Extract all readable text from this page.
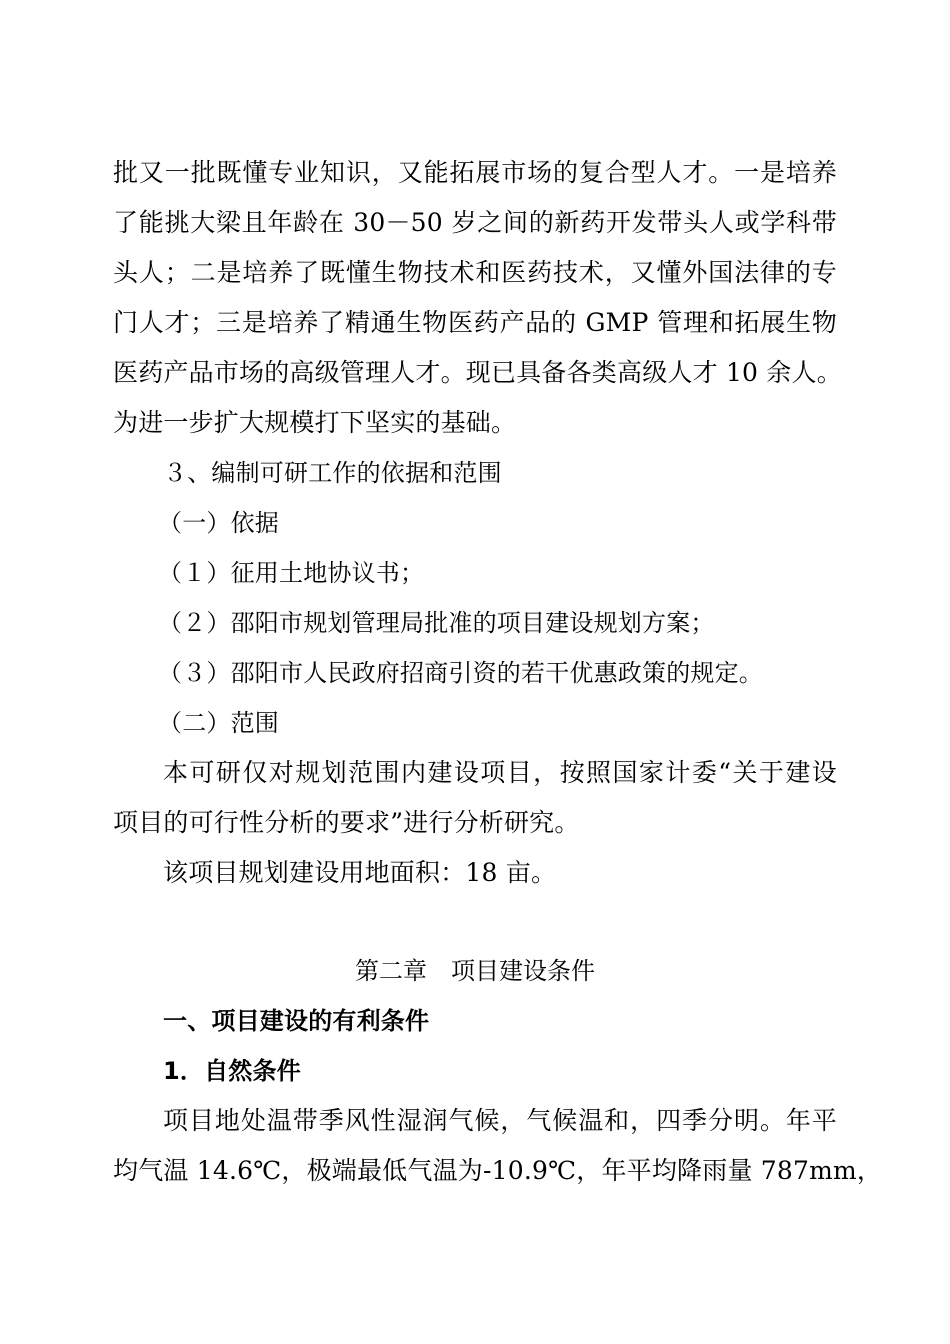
批又一批既懂专业知识，又能拓展市场的复合型人才。一是培养
了能挑大梁且年龄在 30－50 岁之间的新药开发带头人或学科带
头人；二是培养了既懂生物技术和医药技术，又懂外国法律的专
门人才；三是培养了精通生物医药产品的 GMP 管理和拓展生物
医药产品市场的高级管理人才。现已具备各类高级人才 10 余人。
为进一步扩大规模打下坚实的基础。
３、编制可研工作的依据和范围
（一）依据
（１）征用土地协议书；
（２）邵阳市规划管理局批准的项目建设规划方案；
（３）邵阳市人民政府招商引资的若干优惠政策的规定。
（二）范围
本可研仅对规划范围内建设项目，按照国家计委“关于建设
项目的可行性分析的要求”进行分析研究。
该项目规划建设用地面积：18 亩。
第二章　项目建设条件
一、项目建设的有利条件
1．自然条件
项目地处温带季风性湿润气候，气候温和，四季分明。年平
均气温 14.6℃，极端最低气温为-10.9℃，年平均降雨量 787mm，
